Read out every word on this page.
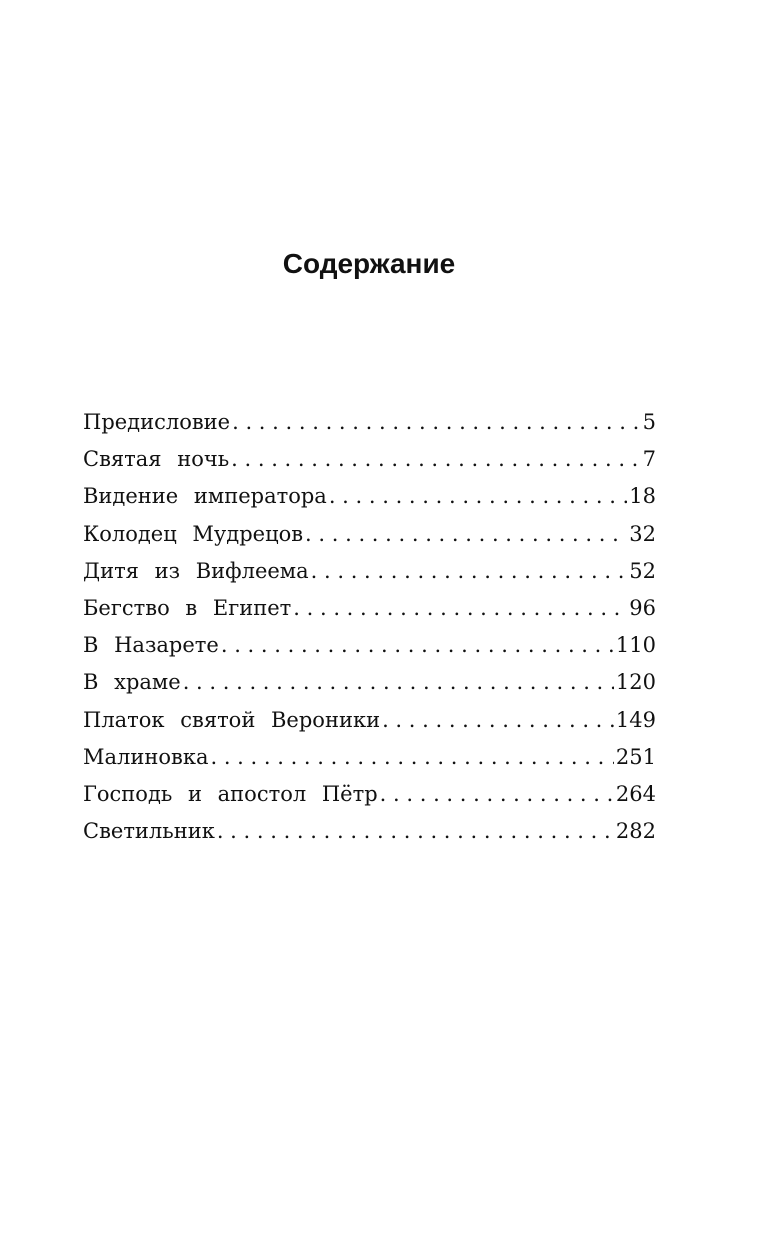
Содержание
Предисловие . . .	5
Святая ночь . . .	7
Видение императора . . .	18
Колодец Мудрецов . . .	32
Дитя из Вифлеема . . .	52
Бегство в Египет . . .	96
В Назарете . . .	110
В храме . . .	120
Платок святой Вероники . . .	149
Малиновка . . .	251
Господь и апостол Пётр . . .	264
Светильник . . .	282
